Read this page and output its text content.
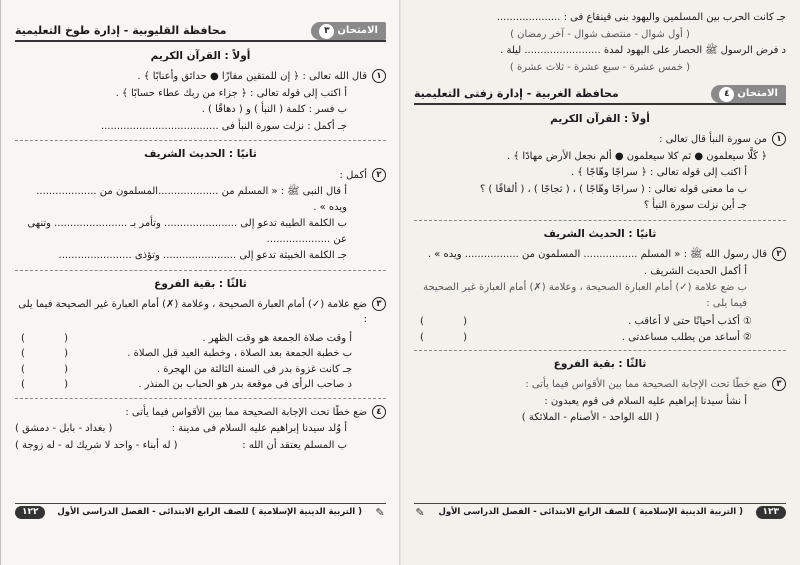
الامتحان
٣
محافظة القليوبية - إدارة طوخ التعليمية
أولاً : القرآن الكريم
١
قال الله تعالى : ﴿ إن للمتقين مفازًا ● حدائق وأعنابًا ﴾ .
أ اكتب إلى قوله تعالى : ﴿ جزاء من ربك عطاء حسابًا ﴾ .
ب فسر : كلمة ( النبأ ) و ( دهاقًا ) .
جـ أكمل : نزلت سورة النبأ فى .....................................
ثانيًا : الحديث الشريف
٢
أكمل :
أ قال النبى ﷺ : « المسلم من ...................المسلمون من ................... ويده » .
ب الكلمة الطيبة تدعو إلى ....................... وتأمر بـ ....................... وتنهى عن ....................
جـ الكلمة الخبيثة تدعو إلى ....................... وتؤذى .......................
ثالثًا : بقية الفروع
٣
ضع علامة (✓) أمام العبارة الصحيحة ، وعلامة (✗) أمام العبارة غير الصحيحة فيما يلى :
أ وقت صلاة الجمعة هو وقت الظهر .
( )
ب خطبة الجمعة بعد الصلاة ، وخطبة العيد قبل الصلاة .
( )
جـ كانت غزوة بدر فى السنة الثالثة من الهجرة .
( )
د صاحب الرأى فى موقعة بدر هو الحباب بن المنذر .
( )
٤
ضع خطًا تحت الإجابة الصحيحة مما بين الأقواس فيما يأتى :
أ وُلد سيدنا إبراهيم عليه السلام فى مدينة :
( بغداد - بابل - دمشق )
ب المسلم يعتقد أن الله :
( له أبناء - واحد لا شريك له - له زوجة )
✎
( التربية الدينية الإسلامية ) للصف الرابع الابتدائى - الفصل الدراسى الأول
١٢٢
جـ كانت الحرب بين المسلمين واليهود بنى قينقاع فى : ....................
( أول شوال - منتصف شوال - آخر رمضان )
د فرض الرسول ﷺ الحصار على اليهود لمدة ........................ ليلة .
( خمس عشرة - سبع عشرة - ثلاث عشرة )
الامتحان
٤
محافظة الغربية - إدارة زفتى التعليمية
أولاً : القرآن الكريم
١
من سورة النبأ قال تعالى :
﴿ كَلَّا سيعلمون ● ثم كلا سيعلمون ● ألم نجعل الأرض مهادًا ﴾ .
أ اكتب إلى قوله تعالى : ﴿ سراجًا وهّاجًا ﴾ .
ب ما معنى قوله تعالى : ( سراجًا وهّاجًا ) ، ( ثجاجًا ) ، ( ألفافًا ) ؟
جـ أين نزلت سورة النبأ ؟
ثانيًا : الحديث الشريف
٢
قال رسول الله ﷺ : « المسلم ................. المسلمون من ................. ويده » .
أ أكمل الحديث الشريف .
ب ضع علامة (✓) أمام العبارة الصحيحة ، وعلامة (✗) أمام العبارة غير الصحيحة فيما يلى :
① أكذب أحيانًا حتى لا أعاقب .
( )
② أساعد من يطلب مساعدتى .
( )
ثالثًا : بقية الفروع
٣
ضع خطًا تحت الإجابة الصحيحة مما بين الأقواس فيما يأتى :
أ نشأ سيدنا إبراهيم عليه السلام فى قوم يعبدون :
( الله الواحد - الأصنام - الملائكة )
١٢٣
( التربية الدينية الإسلامية ) للصف الرابع الابتدائى - الفصل الدراسى الأول
✎
